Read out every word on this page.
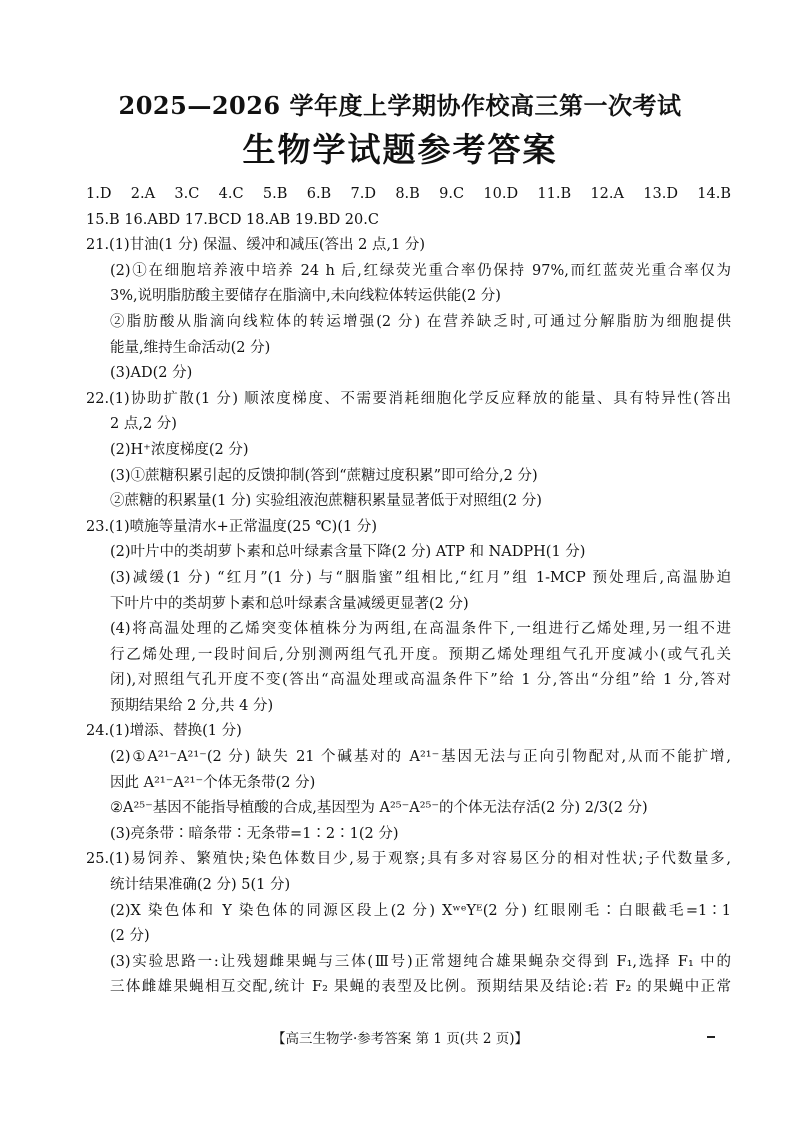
2025—2026 学年度上学期协作校高三第一次考试
生物学试题参考答案
1.D 2.A 3.C 4.C 5.B 6.B 7.D 8.B 9.C 10.D 11.B 12.A 13.D 14.B
15.B 16.ABD 17.BCD 18.AB 19.BD 20.C
21.(1)甘油(1 分) 保温、缓冲和减压(答出 2 点,1 分)
(2)①在细胞培养液中培养 24 h 后,红绿荧光重合率仍保持 97%,而红蓝荧光重合率仅为
3%,说明脂肪酸主要储存在脂滴中,未向线粒体转运供能(2 分)
②脂肪酸从脂滴向线粒体的转运增强(2 分) 在营养缺乏时,可通过分解脂肪为细胞提供
能量,维持生命活动(2 分)
(3)AD(2 分)
22.(1)协助扩散(1 分) 顺浓度梯度、不需要消耗细胞化学反应释放的能量、具有特异性(答出
2 点,2 分)
(2)H⁺浓度梯度(2 分)
(3)①蔗糖积累引起的反馈抑制(答到“蔗糖过度积累”即可给分,2 分)
②蔗糖的积累量(1 分) 实验组液泡蔗糖积累量显著低于对照组(2 分)
23.(1)喷施等量清水+正常温度(25 ℃)(1 分)
(2)叶片中的类胡萝卜素和总叶绿素含量下降(2 分) ATP 和 NADPH(1 分)
(3)减缓(1 分) “红月”(1 分) 与“胭脂蜜”组相比,“红月”组 1-MCP 预处理后,高温胁迫
下叶片中的类胡萝卜素和总叶绿素含量减缓更显著(2 分)
(4)将高温处理的乙烯突变体植株分为两组,在高温条件下,一组进行乙烯处理,另一组不进
行乙烯处理,一段时间后,分别测两组气孔开度。预期乙烯处理组气孔开度减小(或气孔关
闭),对照组气孔开度不变(答出“高温处理或高温条件下”给 1 分,答出“分组”给 1 分,答对
预期结果给 2 分,共 4 分)
24.(1)增添、替换(1 分)
(2)①A²¹⁻A²¹⁻(2 分) 缺失 21 个碱基对的 A²¹⁻基因无法与正向引物配对,从而不能扩增,
因此 A²¹⁻A²¹⁻个体无条带(2 分)
②A²⁵⁻基因不能指导植酸的合成,基因型为 A²⁵⁻A²⁵⁻的个体无法存活(2 分) 2/3(2 分)
(3)亮条带∶暗条带∶无条带=1∶2∶1(2 分)
25.(1)易饲养、繁殖快;染色体数目少,易于观察;具有多对容易区分的相对性状;子代数量多,
统计结果准确(2 分) 5(1 分)
(2)X 染色体和 Y 染色体的同源区段上(2 分) XʷᵉYᴱ(2 分) 红眼刚毛∶白眼截毛=1∶1
(2 分)
(3)实验思路一:让残翅雌果蝇与三体(Ⅲ号)正常翅纯合雄果蝇杂交得到 F₁,选择 F₁ 中的
三体雌雄果蝇相互交配,统计 F₂ 果蝇的表型及比例。预期结果及结论:若 F₂ 的果蝇中正常
【高三生物学·参考答案 第 1 页(共 2 页)】
